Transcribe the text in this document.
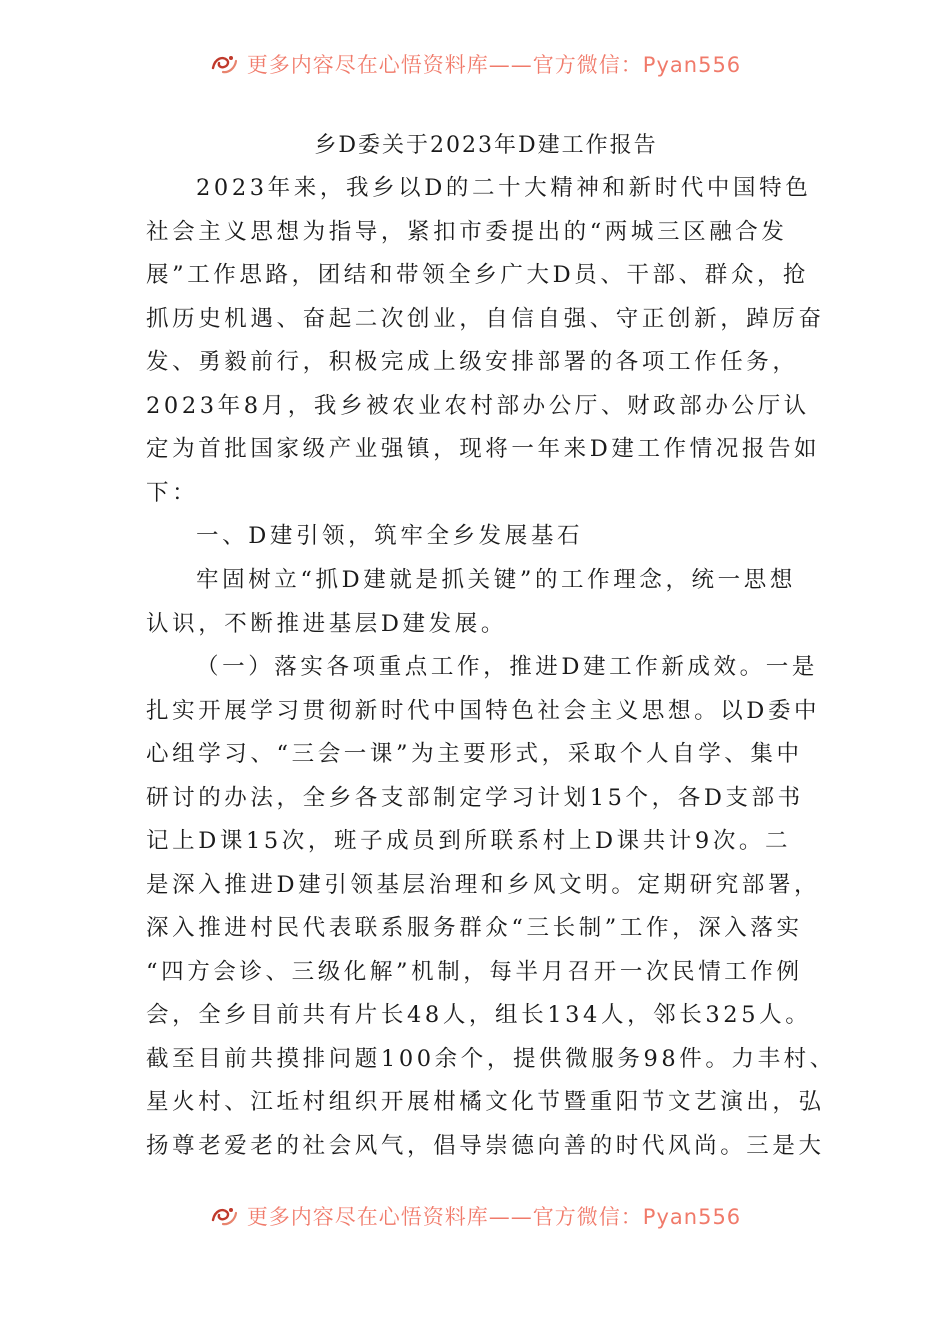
更多内容尽在心悟资料库——官方微信：Pyan556
乡D委关于2023年D建工作报告
2023年来，我乡以D的二十大精神和新时代中国特色
社会主义思想为指导，紧扣市委提出的“两城三区融合发
展”工作思路，团结和带领全乡广大D员、干部、群众，抢
抓历史机遇、奋起二次创业，自信自强、守正创新，踔厉奋
发、勇毅前行，积极完成上级安排部署的各项工作任务，
2023年8月，我乡被农业农村部办公厅、财政部办公厅认
定为首批国家级产业强镇，现将一年来D建工作情况报告如
下：
一、D建引领，筑牢全乡发展基石
牢固树立“抓D建就是抓关键”的工作理念，统一思想
认识，不断推进基层D建发展。
（一）落实各项重点工作，推进D建工作新成效。一是
扎实开展学习贯彻新时代中国特色社会主义思想。以D委中
心组学习、“三会一课”为主要形式，采取个人自学、集中
研讨的办法，全乡各支部制定学习计划15个，各D支部书
记上D课15次，班子成员到所联系村上D课共计9次。二
是深入推进D建引领基层治理和乡风文明。定期研究部署，
深入推进村民代表联系服务群众“三长制”工作，深入落实
“四方会诊、三级化解”机制，每半月召开一次民情工作例
会，全乡目前共有片长48人，组长134人，邻长325人。
截至目前共摸排问题100余个，提供微服务98件。力丰村、
星火村、江坵村组织开展柑橘文化节暨重阳节文艺演出，弘
扬尊老爱老的社会风气，倡导崇德向善的时代风尚。三是大
更多内容尽在心悟资料库——官方微信：Pyan556
